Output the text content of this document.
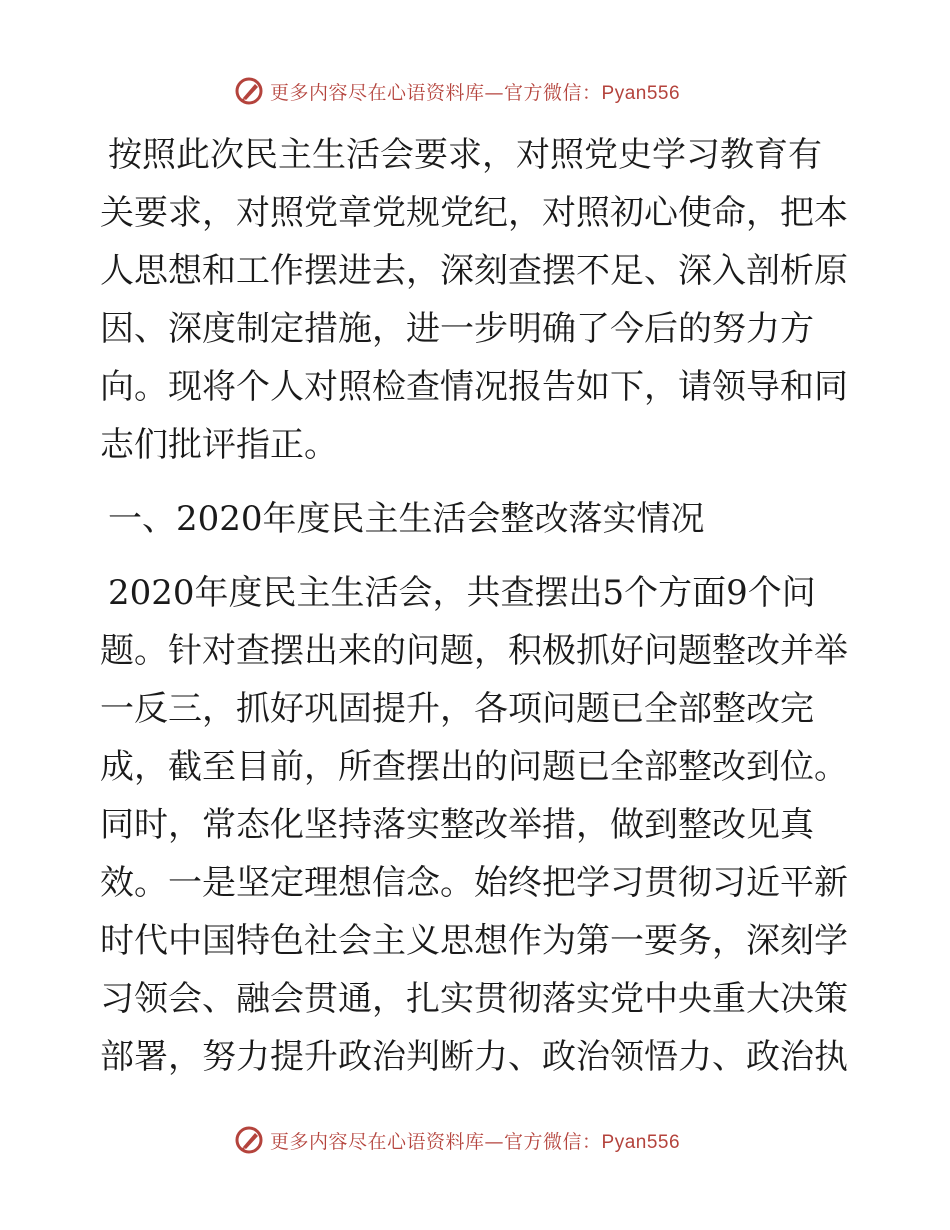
更多内容尽在心语资料库—官方微信：Pyan556
按照此次民主生活会要求，对照党史学习教育有
关要求，对照党章党规党纪，对照初心使命，把本
人思想和工作摆进去，深刻查摆不足、深入剖析原
因、深度制定措施，进一步明确了今后的努力方
向。现将个人对照检查情况报告如下，请领导和同
志们批评指正。
一、2020年度民主生活会整改落实情况
2020年度民主生活会，共查摆出5个方面9个问
题。针对查摆出来的问题，积极抓好问题整改并举
一反三，抓好巩固提升，各项问题已全部整改完
成，截至目前，所查摆出的问题已全部整改到位。
同时，常态化坚持落实整改举措，做到整改见真
效。一是坚定理想信念。始终把学习贯彻习近平新
时代中国特色社会主义思想作为第一要务，深刻学
习领会、融会贯通，扎实贯彻落实党中央重大决策
部署，努力提升政治判断力、政治领悟力、政治执
更多内容尽在心语资料库—官方微信：Pyan556
